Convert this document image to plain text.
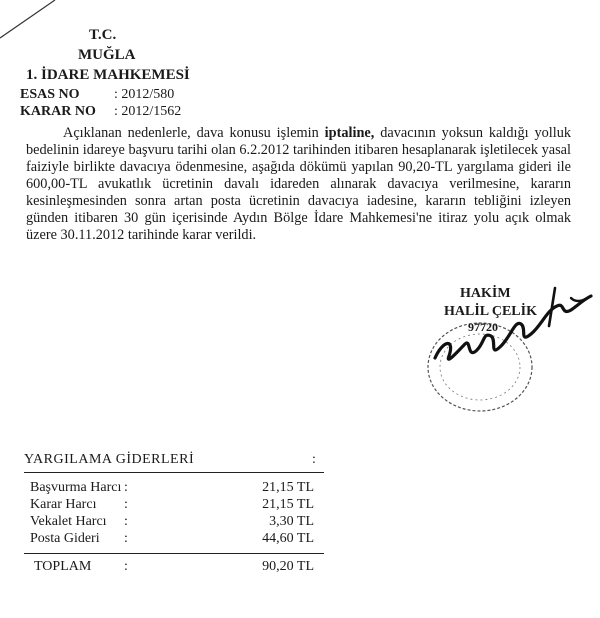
T.C.
MUĞLA
1. İDARE MAHKEMESİ
ESAS NO : 2012/580
KARAR NO : 2012/1562
Açıklanan nedenlerle, dava konusu işlemin iptaline, davacının yoksun kaldığı yolluk bedelinin idareye başvuru tarihi olan 6.2.2012 tarihinden itibaren hesaplanarak işletilecek yasal faiziyle birlikte davacıya ödenmesine, aşağıda dökümü yapılan 90,20-TL yargılama gideri ile 600,00-TL avukatlık ücretinin davalı idareden alınarak davacıya verilmesine, kararın kesinleşmesinden sonra artan posta ücretinin davacıya iadesine, kararın tebliğini izleyen günden itibaren 30 gün içerisinde Aydın Bölge İdare Mahkemesi'ne itiraz yolu açık olmak üzere 30.11.2012 tarihinde karar verildi.
HAKİM
HALİL ÇELİK
97720
YARGILAMA GİDERLERİ	:
Başvurma Harcı :	21,15 TL
Karar Harcı :	21,15 TL
Vekalet Harcı :	3,30 TL
Posta Gideri :	44,60 TL
TOPLAM :	90,20 TL
